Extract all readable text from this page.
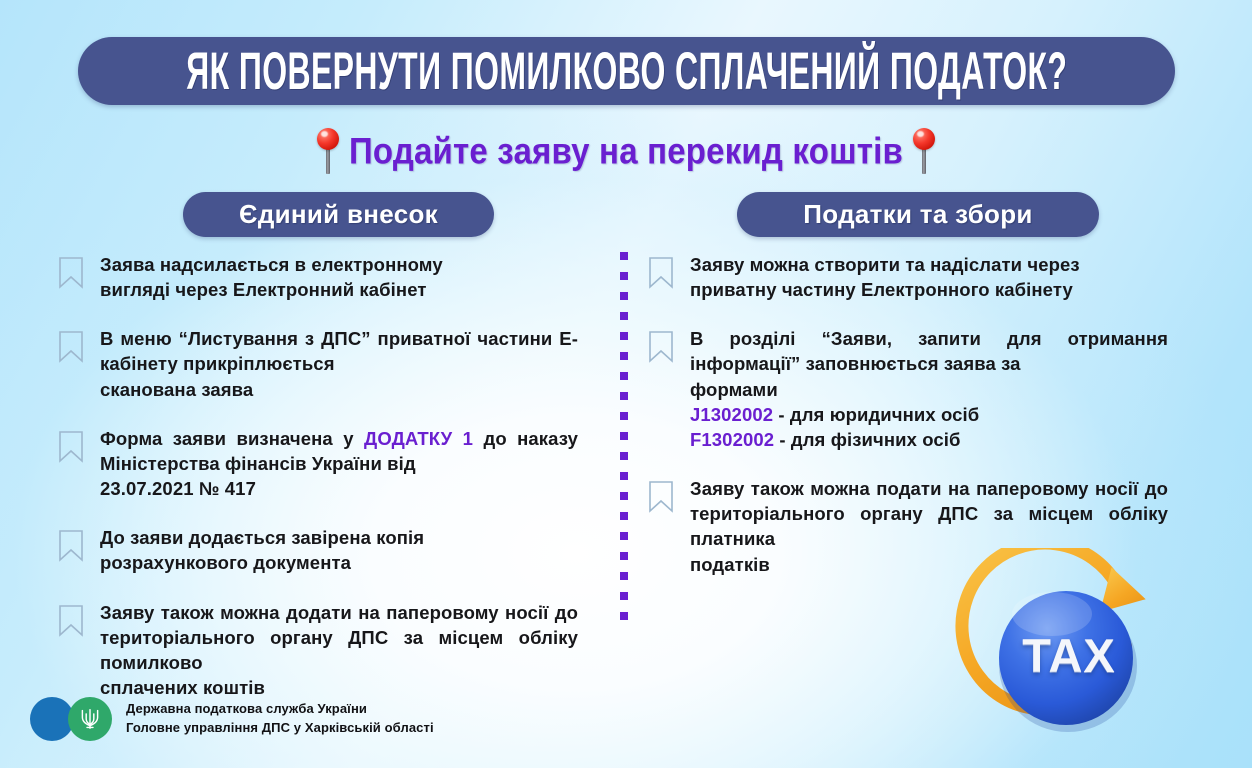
ЯК ПОВЕРНУТИ ПОМИЛКОВО СПЛАЧЕНИЙ ПОДАТОК?
Подайте заяву на перекид коштів
Єдиний внесок	Податки та збори
Заява надсилається в електронному
вигляді через Електронний кабінет
В меню “Листування з ДПС” приватної частини Е-кабінету прикріплюється
сканована заява
Форма заяви визначена у ДОДАТКУ 1 до наказу Міністерства фінансів України від
23.07.2021 № 417
До заяви додається завірена копія
розрахункового документа
Заяву також можна додати на паперовому носії до територіального органу ДПС за місцем обліку помилково
сплачених коштів
Заяву можна створити та надіслати через
приватну частину Електронного кабінету
В розділі “Заяви, запити для отримання інформації” заповнюється заява за
формами
J1302002 - для юридичних осіб
F1302002 - для фізичних осіб
Заяву також можна подати на паперовому носії до територіального органу ДПС за місцем обліку платника
податків
TAX
Державна податкова служба України
Головне управління ДПС у Харківській області
